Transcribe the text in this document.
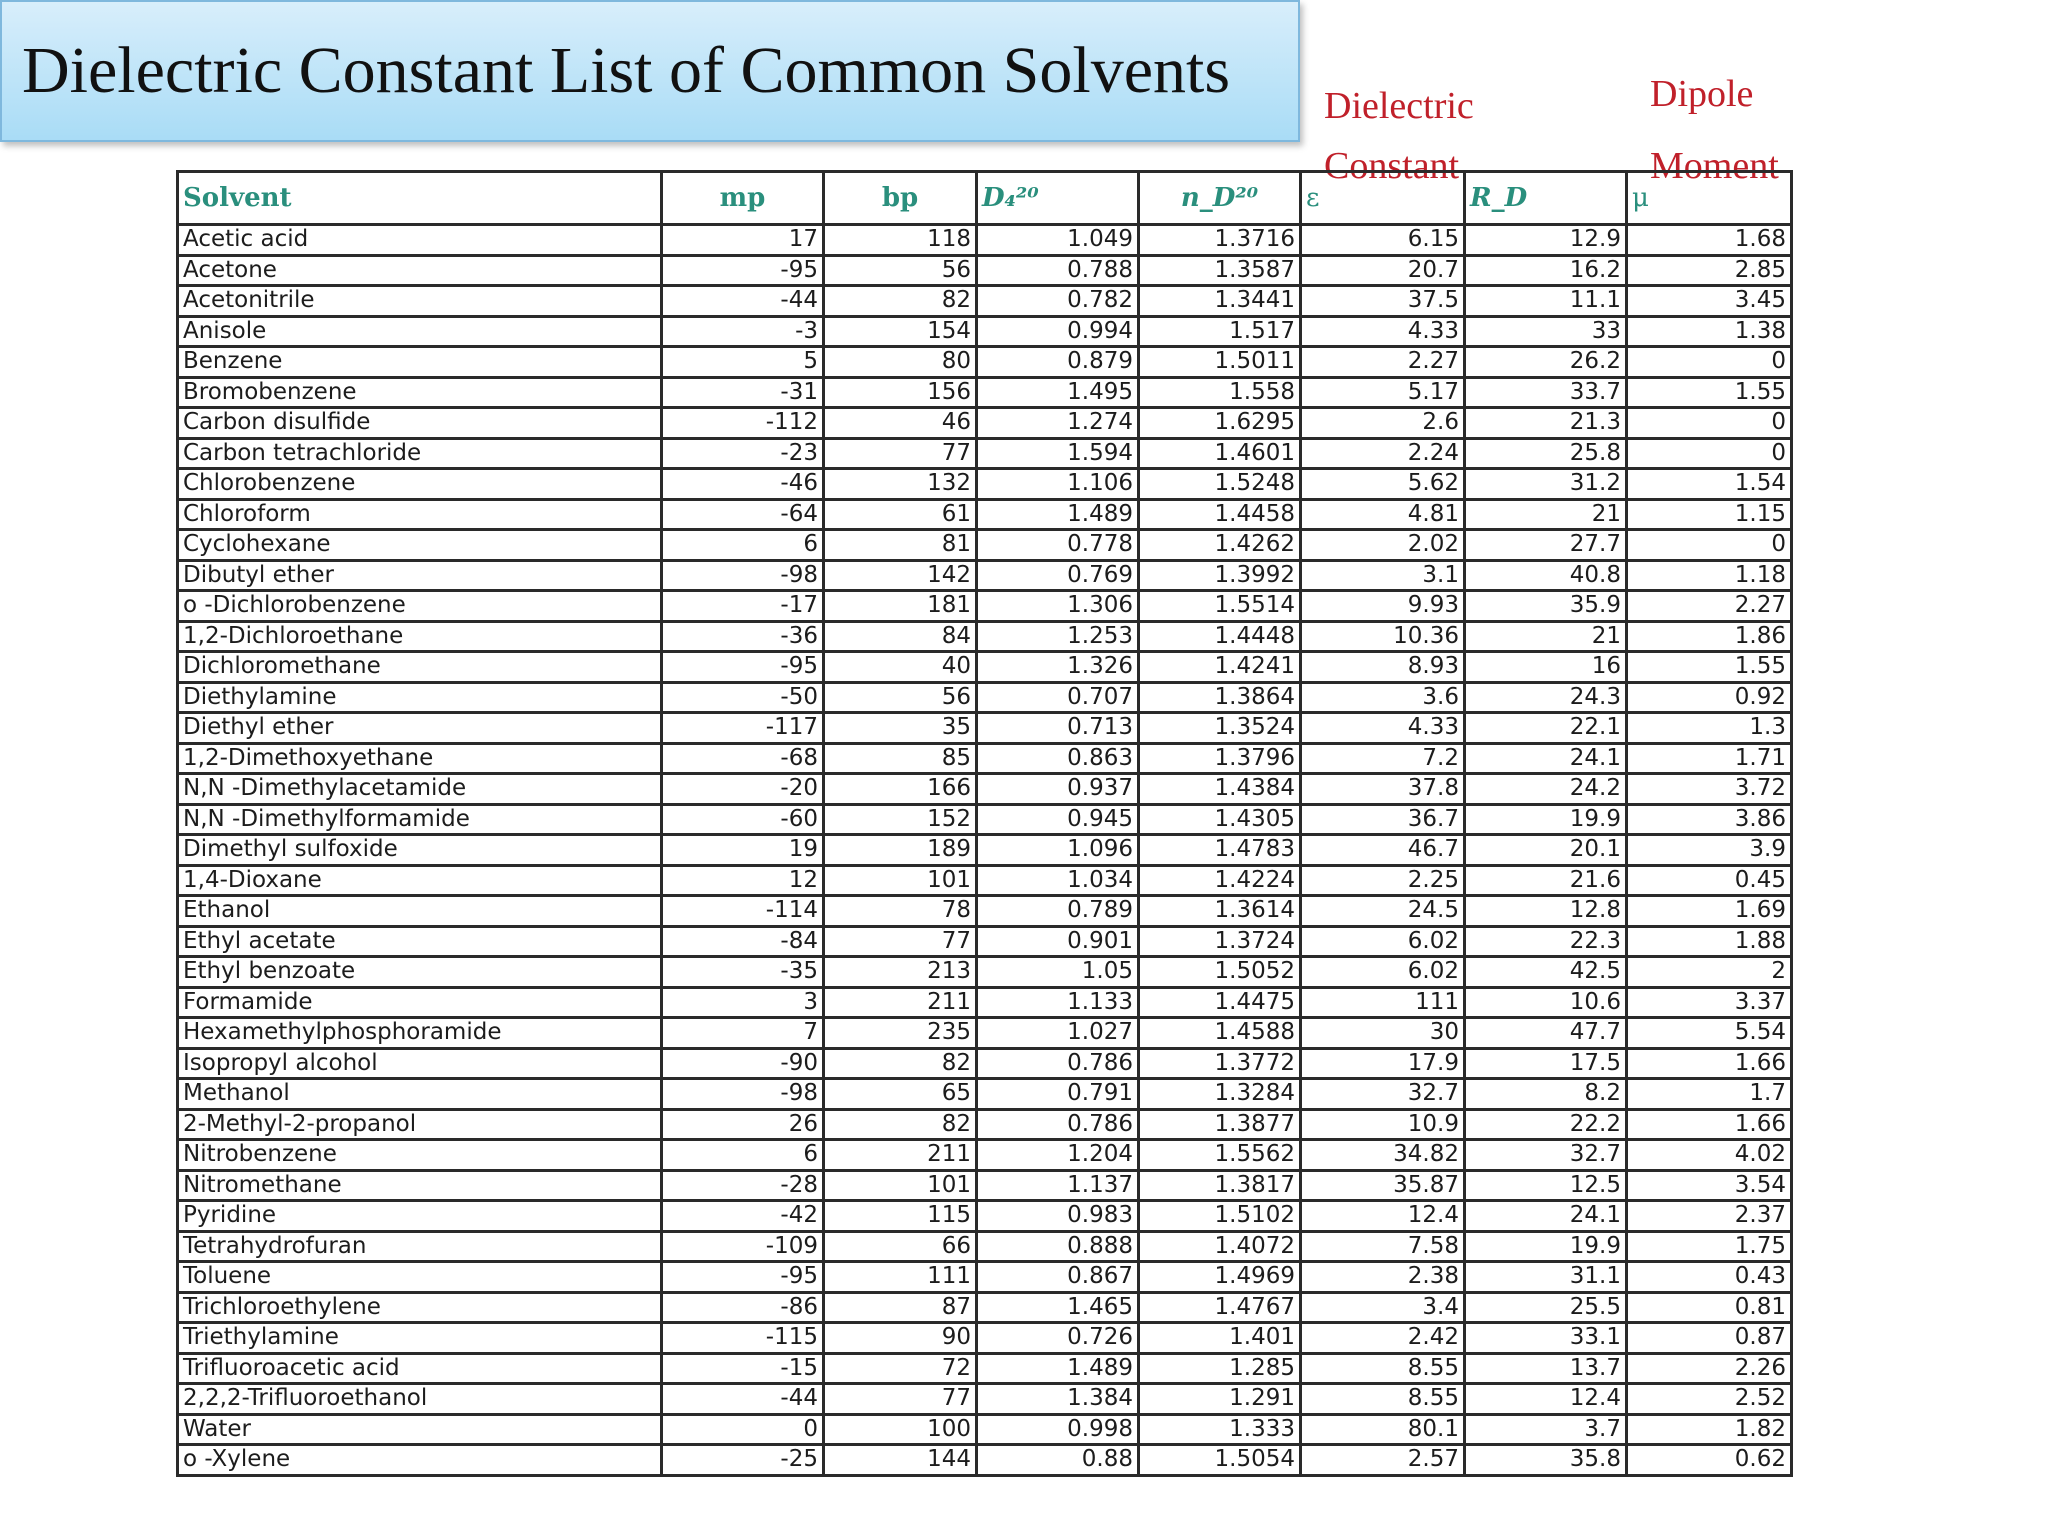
Dielectric Constant List of Common Solvents Dielectric
Constant
Dipole
Moment
Solvent	mp	bp	D₄²⁰	n_D²⁰	ε	R_D	μ
Acetic acid	17	118	1.049	1.3716	6.15	12.9	1.68
Acetone	-95	56	0.788	1.3587	20.7	16.2	2.85
Acetonitrile	-44	82	0.782	1.3441	37.5	11.1	3.45
Anisole	-3	154	0.994	1.517	4.33	33	1.38
Benzene	5	80	0.879	1.5011	2.27	26.2	0
Bromobenzene	-31	156	1.495	1.558	5.17	33.7	1.55
Carbon disulfide	-112	46	1.274	1.6295	2.6	21.3	0
Carbon tetrachloride	-23	77	1.594	1.4601	2.24	25.8	0
Chlorobenzene	-46	132	1.106	1.5248	5.62	31.2	1.54
Chloroform	-64	61	1.489	1.4458	4.81	21	1.15
Cyclohexane	6	81	0.778	1.4262	2.02	27.7	0
Dibutyl ether	-98	142	0.769	1.3992	3.1	40.8	1.18
o -Dichlorobenzene	-17	181	1.306	1.5514	9.93	35.9	2.27
1,2-Dichloroethane	-36	84	1.253	1.4448	10.36	21	1.86
Dichloromethane	-95	40	1.326	1.4241	8.93	16	1.55
Diethylamine	-50	56	0.707	1.3864	3.6	24.3	0.92
Diethyl ether	-117	35	0.713	1.3524	4.33	22.1	1.3
1,2-Dimethoxyethane	-68	85	0.863	1.3796	7.2	24.1	1.71
N,N -Dimethylacetamide	-20	166	0.937	1.4384	37.8	24.2	3.72
N,N -Dimethylformamide	-60	152	0.945	1.4305	36.7	19.9	3.86
Dimethyl sulfoxide	19	189	1.096	1.4783	46.7	20.1	3.9
1,4-Dioxane	12	101	1.034	1.4224	2.25	21.6	0.45
Ethanol	-114	78	0.789	1.3614	24.5	12.8	1.69
Ethyl acetate	-84	77	0.901	1.3724	6.02	22.3	1.88
Ethyl benzoate	-35	213	1.05	1.5052	6.02	42.5	2
Formamide	3	211	1.133	1.4475	111	10.6	3.37
Hexamethylphosphoramide	7	235	1.027	1.4588	30	47.7	5.54
Isopropyl alcohol	-90	82	0.786	1.3772	17.9	17.5	1.66
Methanol	-98	65	0.791	1.3284	32.7	8.2	1.7
2-Methyl-2-propanol	26	82	0.786	1.3877	10.9	22.2	1.66
Nitrobenzene	6	211	1.204	1.5562	34.82	32.7	4.02
Nitromethane	-28	101	1.137	1.3817	35.87	12.5	3.54
Pyridine	-42	115	0.983	1.5102	12.4	24.1	2.37
Tetrahydrofuran	-109	66	0.888	1.4072	7.58	19.9	1.75
Toluene	-95	111	0.867	1.4969	2.38	31.1	0.43
Trichloroethylene	-86	87	1.465	1.4767	3.4	25.5	0.81
Triethylamine	-115	90	0.726	1.401	2.42	33.1	0.87
Trifluoroacetic acid	-15	72	1.489	1.285	8.55	13.7	2.26
2,2,2-Trifluoroethanol	-44	77	1.384	1.291	8.55	12.4	2.52
Water	0	100	0.998	1.333	80.1	3.7	1.82
o -Xylene	-25	144	0.88	1.5054	2.57	35.8	0.62
